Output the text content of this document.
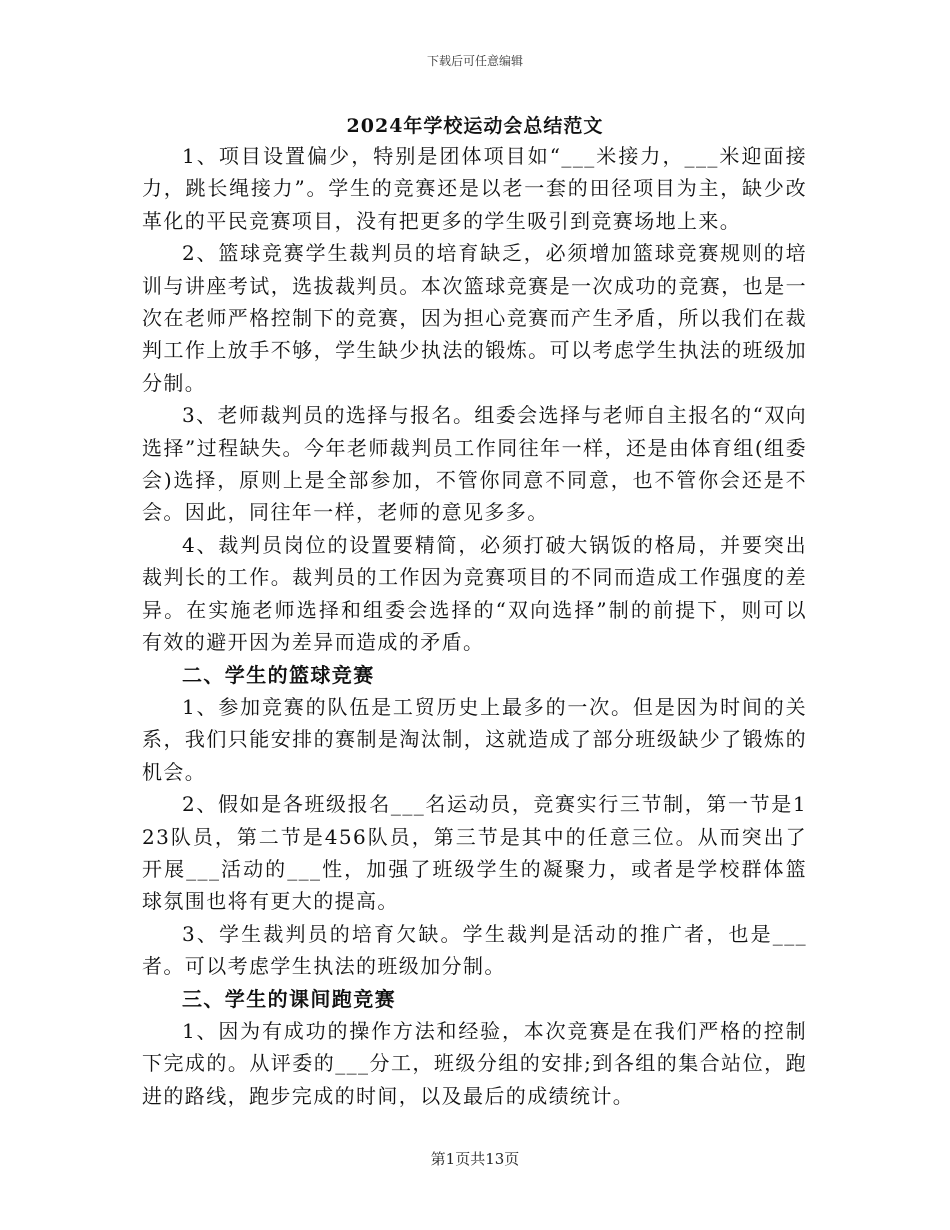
下载后可任意编辑
2024年学校运动会总结范文

1、项目设置偏少，特别是团体项目如“___米接力，___米迎面接力，跳长绳接力”。学生的竞赛还是以老一套的田径项目为主，缺少改革化的平民竞赛项目，没有把更多的学生吸引到竞赛场地上来。

2、篮球竞赛学生裁判员的培育缺乏，必须增加篮球竞赛规则的培训与讲座考试，选拔裁判员。本次篮球竞赛是一次成功的竞赛，也是一次在老师严格控制下的竞赛，因为担心竞赛而产生矛盾，所以我们在裁判工作上放手不够，学生缺少执法的锻炼。可以考虑学生执法的班级加分制。

3、老师裁判员的选择与报名。组委会选择与老师自主报名的“双向选择”过程缺失。今年老师裁判员工作同往年一样，还是由体育组(组委会)选择，原则上是全部参加，不管你同意不同意，也不管你会还是不会。因此，同往年一样，老师的意见多多。

4、裁判员岗位的设置要精简，必须打破大锅饭的格局，并要突出裁判长的工作。裁判员的工作因为竞赛项目的不同而造成工作强度的差异。在实施老师选择和组委会选择的“双向选择”制的前提下，则可以有效的避开因为差异而造成的矛盾。

二、学生的篮球竞赛

1、参加竞赛的队伍是工贸历史上最多的一次。但是因为时间的关系，我们只能安排的赛制是淘汰制，这就造成了部分班级缺少了锻炼的机会。

2、假如是各班级报名___名运动员，竞赛实行三节制，第一节是123队员，第二节是456队员，第三节是其中的任意三位。从而突出了开展___活动的___性，加强了班级学生的凝聚力，或者是学校群体篮球氛围也将有更大的提高。

3、学生裁判员的培育欠缺。学生裁判是活动的推广者，也是___者。可以考虑学生执法的班级加分制。

三、学生的课间跑竞赛

1、因为有成功的操作方法和经验，本次竞赛是在我们严格的控制下完成的。从评委的___分工，班级分组的安排;到各组的集合站位，跑进的路线，跑步完成的时间，以及最后的成绩统计。

第1页共13页
